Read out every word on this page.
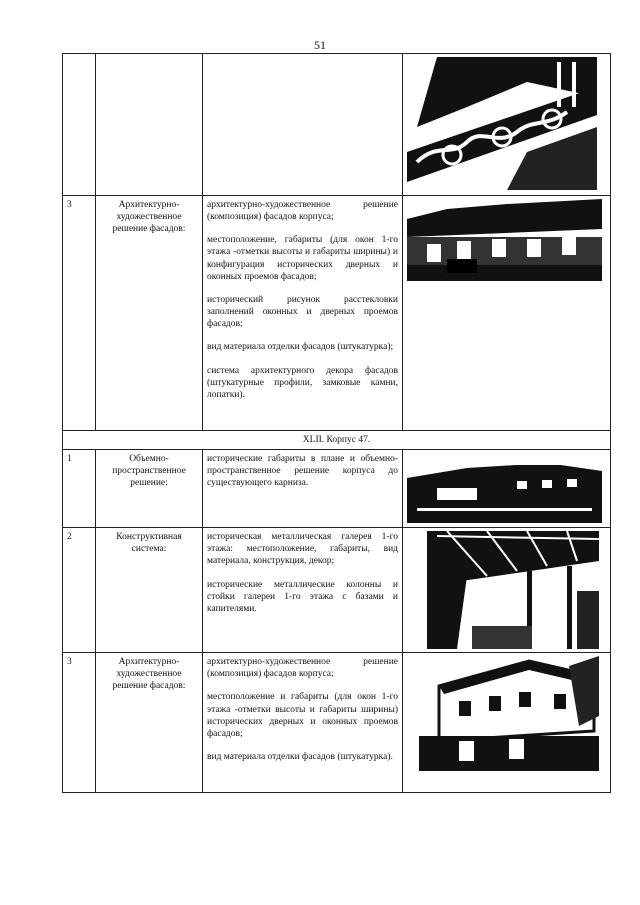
51

3	Архитектурно-художественное решение фасадов:	архитектурно-художественное решение (композиция) фасадов корпуса;

местоположение, габариты (для окон 1-го этажа -отметки высоты и габариты ширины) и конфигурация исторических дверных и оконных проемов фасадов;

исторический рисунок расстекловки заполнений оконных и дверных проемов фасадов;

вид материала отделки фасадов (штукатурка);

система архитектурного декора фасадов (штукатурные профили, замковые камни, лопатки).

XLII. Корпус 47.			
1	Объемно-пространственное решение:	исторические габариты в плане и объемно-пространственное решение корпуса до существующего карниза.

2	Конструктивная система:	историческая металлическая галерея 1-го этажа: местоположение, габариты, вид материала, конструкция, декор;

исторические металлические колонны и стойки галереи 1-го этажа с базами и капителями.

3	Архитектурно-художественное решение фасадов:	архитектурно-художественное решение (композиция) фасадов корпуса;

местоположение и габариты (для окон 1-го этажа -отметки высоты и габариты ширины) исторических дверных и оконных проемов фасадов;

вид материала отделки фасадов (штукатурка).
